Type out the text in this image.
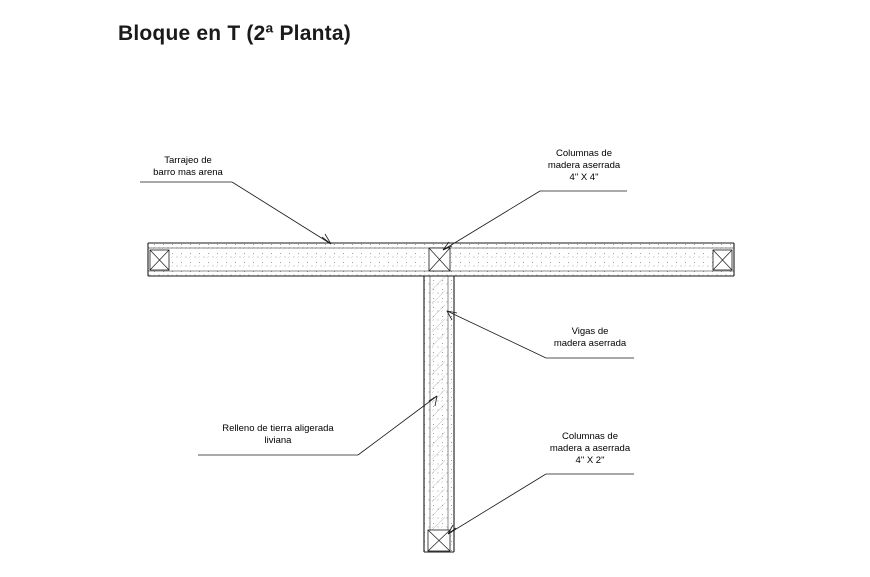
Bloque en T (2ª Planta)
Tarrajeo de
barro mas arena
Columnas de
madera aserrada
4" X 4"
Vigas de
madera aserrada
Relleno de tierra aligerada
liviana	Columnas de
madera a aserrada
4" X 2"
